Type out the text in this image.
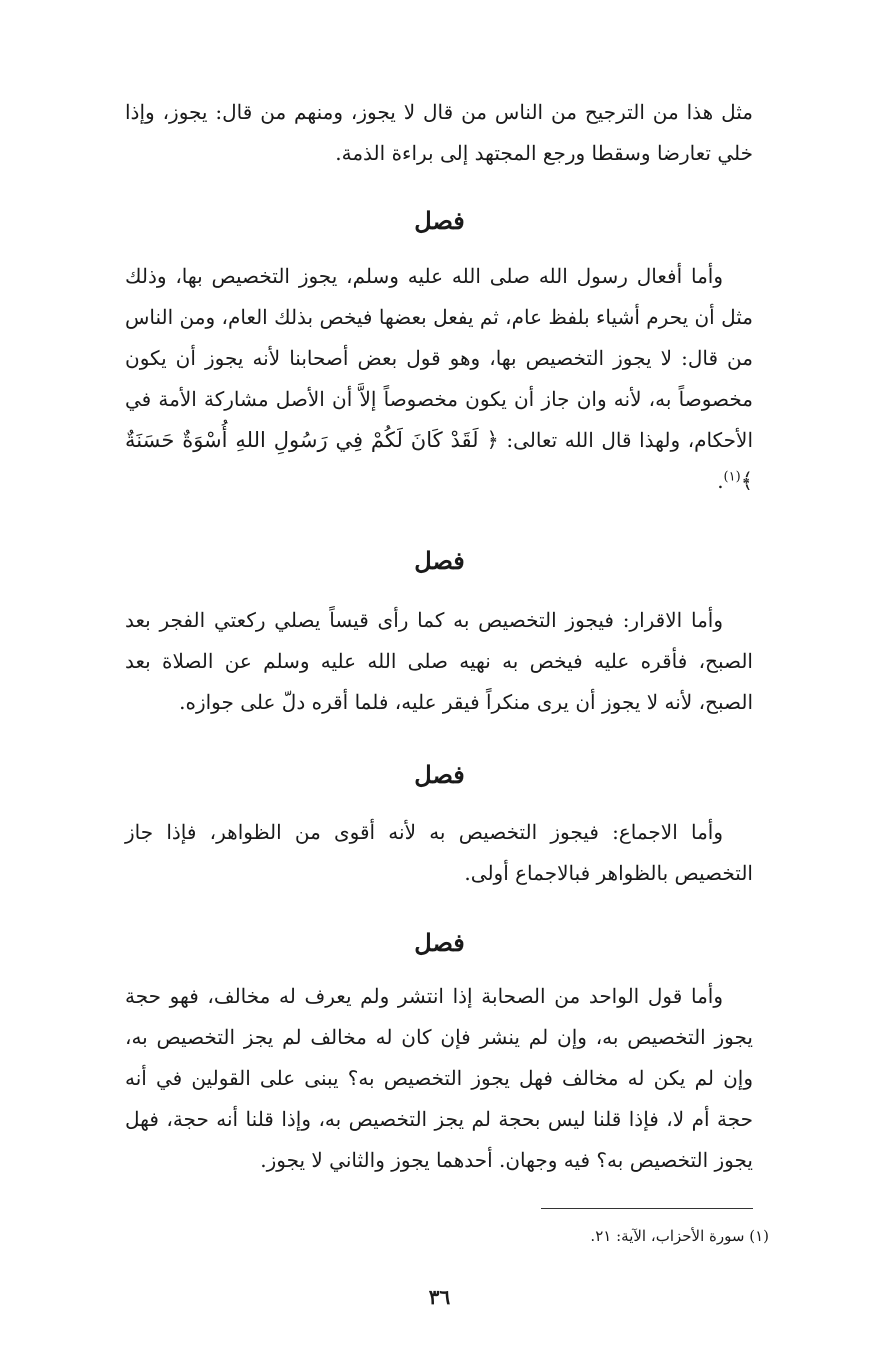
مثل هذا من الترجيح من الناس من قال لا يجوز، ومنهم من قال: يجوز، وإذا خلي تعارضا وسقطا ورجع المجتهد إلى براءة الذمة.

فصل

وأما أفعال رسول الله صلى الله عليه وسلم، يجوز التخصيص بها، وذلك مثل أن يحرم أشياء بلفظ عام، ثم يفعل بعضها فيخص بذلك العام، ومن الناس من قال: لا يجوز التخصيص بها، وهو قول بعض أصحابنا لأنه يجوز أن يكون مخصوصاً به، لأنه وان جاز أن يكون مخصوصاً إلاَّ أن الأصل مشاركة الأمة في الأحكام، ولهذا قال الله تعالى: ﴿ لَقَدْ كَانَ لَكُمْ فِي رَسُولِ اللهِ أُسْوَةٌ حَسَنَةٌ ﴾$^{(١)}$.

فصل

وأما الاقرار: فيجوز التخصيص به كما رأى قيساً يصلي ركعتي الفجر بعد الصبح، فأقره عليه فيخص به نهيه صلى الله عليه وسلم عن الصلاة بعد الصبح، لأنه لا يجوز أن يرى منكراً فيقر عليه، فلما أقره دلّ على جوازه.

فصل

وأما الاجماع: فيجوز التخصيص به لأنه أقوى من الظواهر، فإذا جاز التخصيص بالظواهر فبالاجماع أولى.

فصل

وأما قول الواحد من الصحابة إذا انتشر ولم يعرف له مخالف، فهو حجة يجوز التخصيص به، وإن لم ينشر فإن كان له مخالف لم يجز التخصيص به، وإن لم يكن له مخالف فهل يجوز التخصيص به؟ يبنى على القولين في أنه حجة أم لا، فإذا قلنا ليس بحجة لم يجز التخصيص به، وإذا قلنا أنه حجة، فهل يجوز التخصيص به؟ فيه وجهان. أحدهما يجوز والثاني لا يجوز.

(١) سورة الأحزاب، الآية: ٢١.
٣٦
